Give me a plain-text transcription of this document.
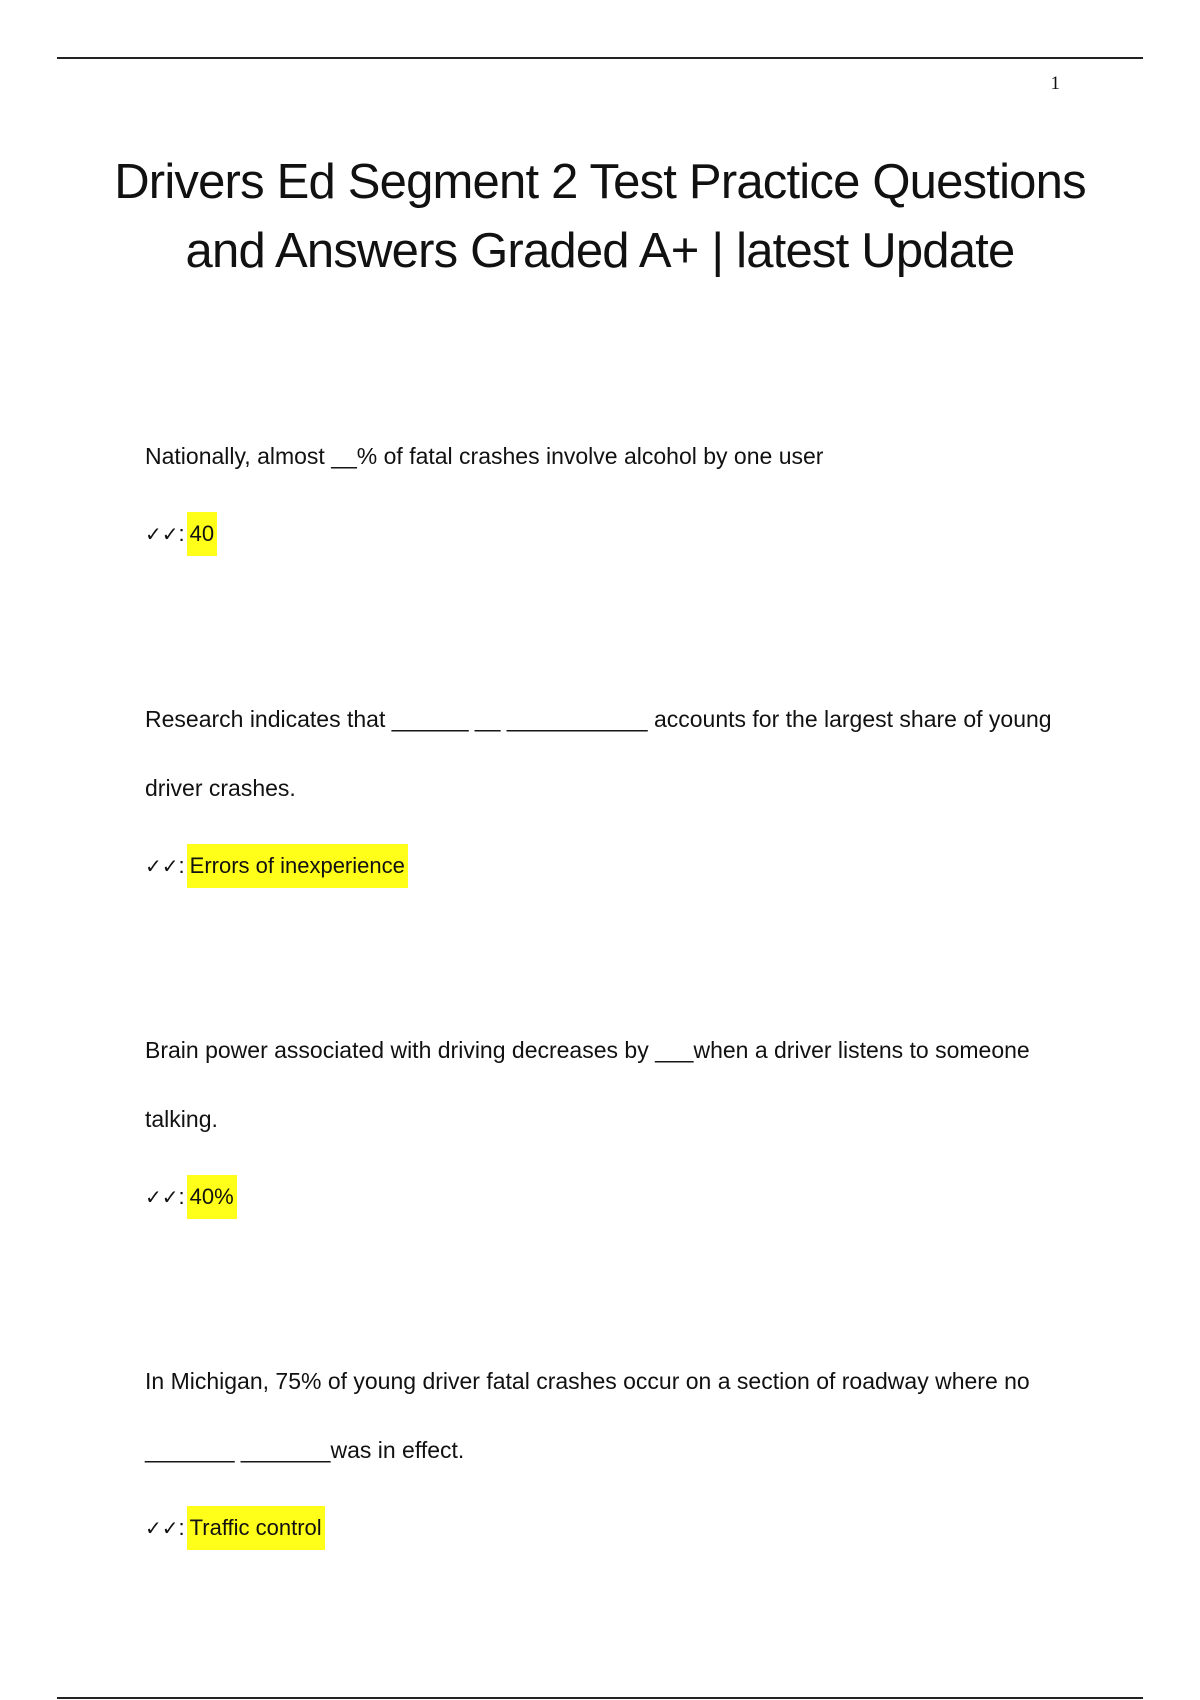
1
Drivers Ed Segment 2 Test Practice Questions and Answers Graded A+ | latest Update

Nationally, almost __% of fatal crashes involve alcohol by one user

✓✓ : 40

Research indicates that ______ __ ___________ accounts for the largest share of young driver crashes.

✓✓ : Errors of inexperience

Brain power associated with driving decreases by ___when a driver listens to someone talking.

✓✓ : 40%

In Michigan, 75% of young driver fatal crashes occur on a section of roadway where no _______ _______was in effect.

✓✓ : Traffic control
